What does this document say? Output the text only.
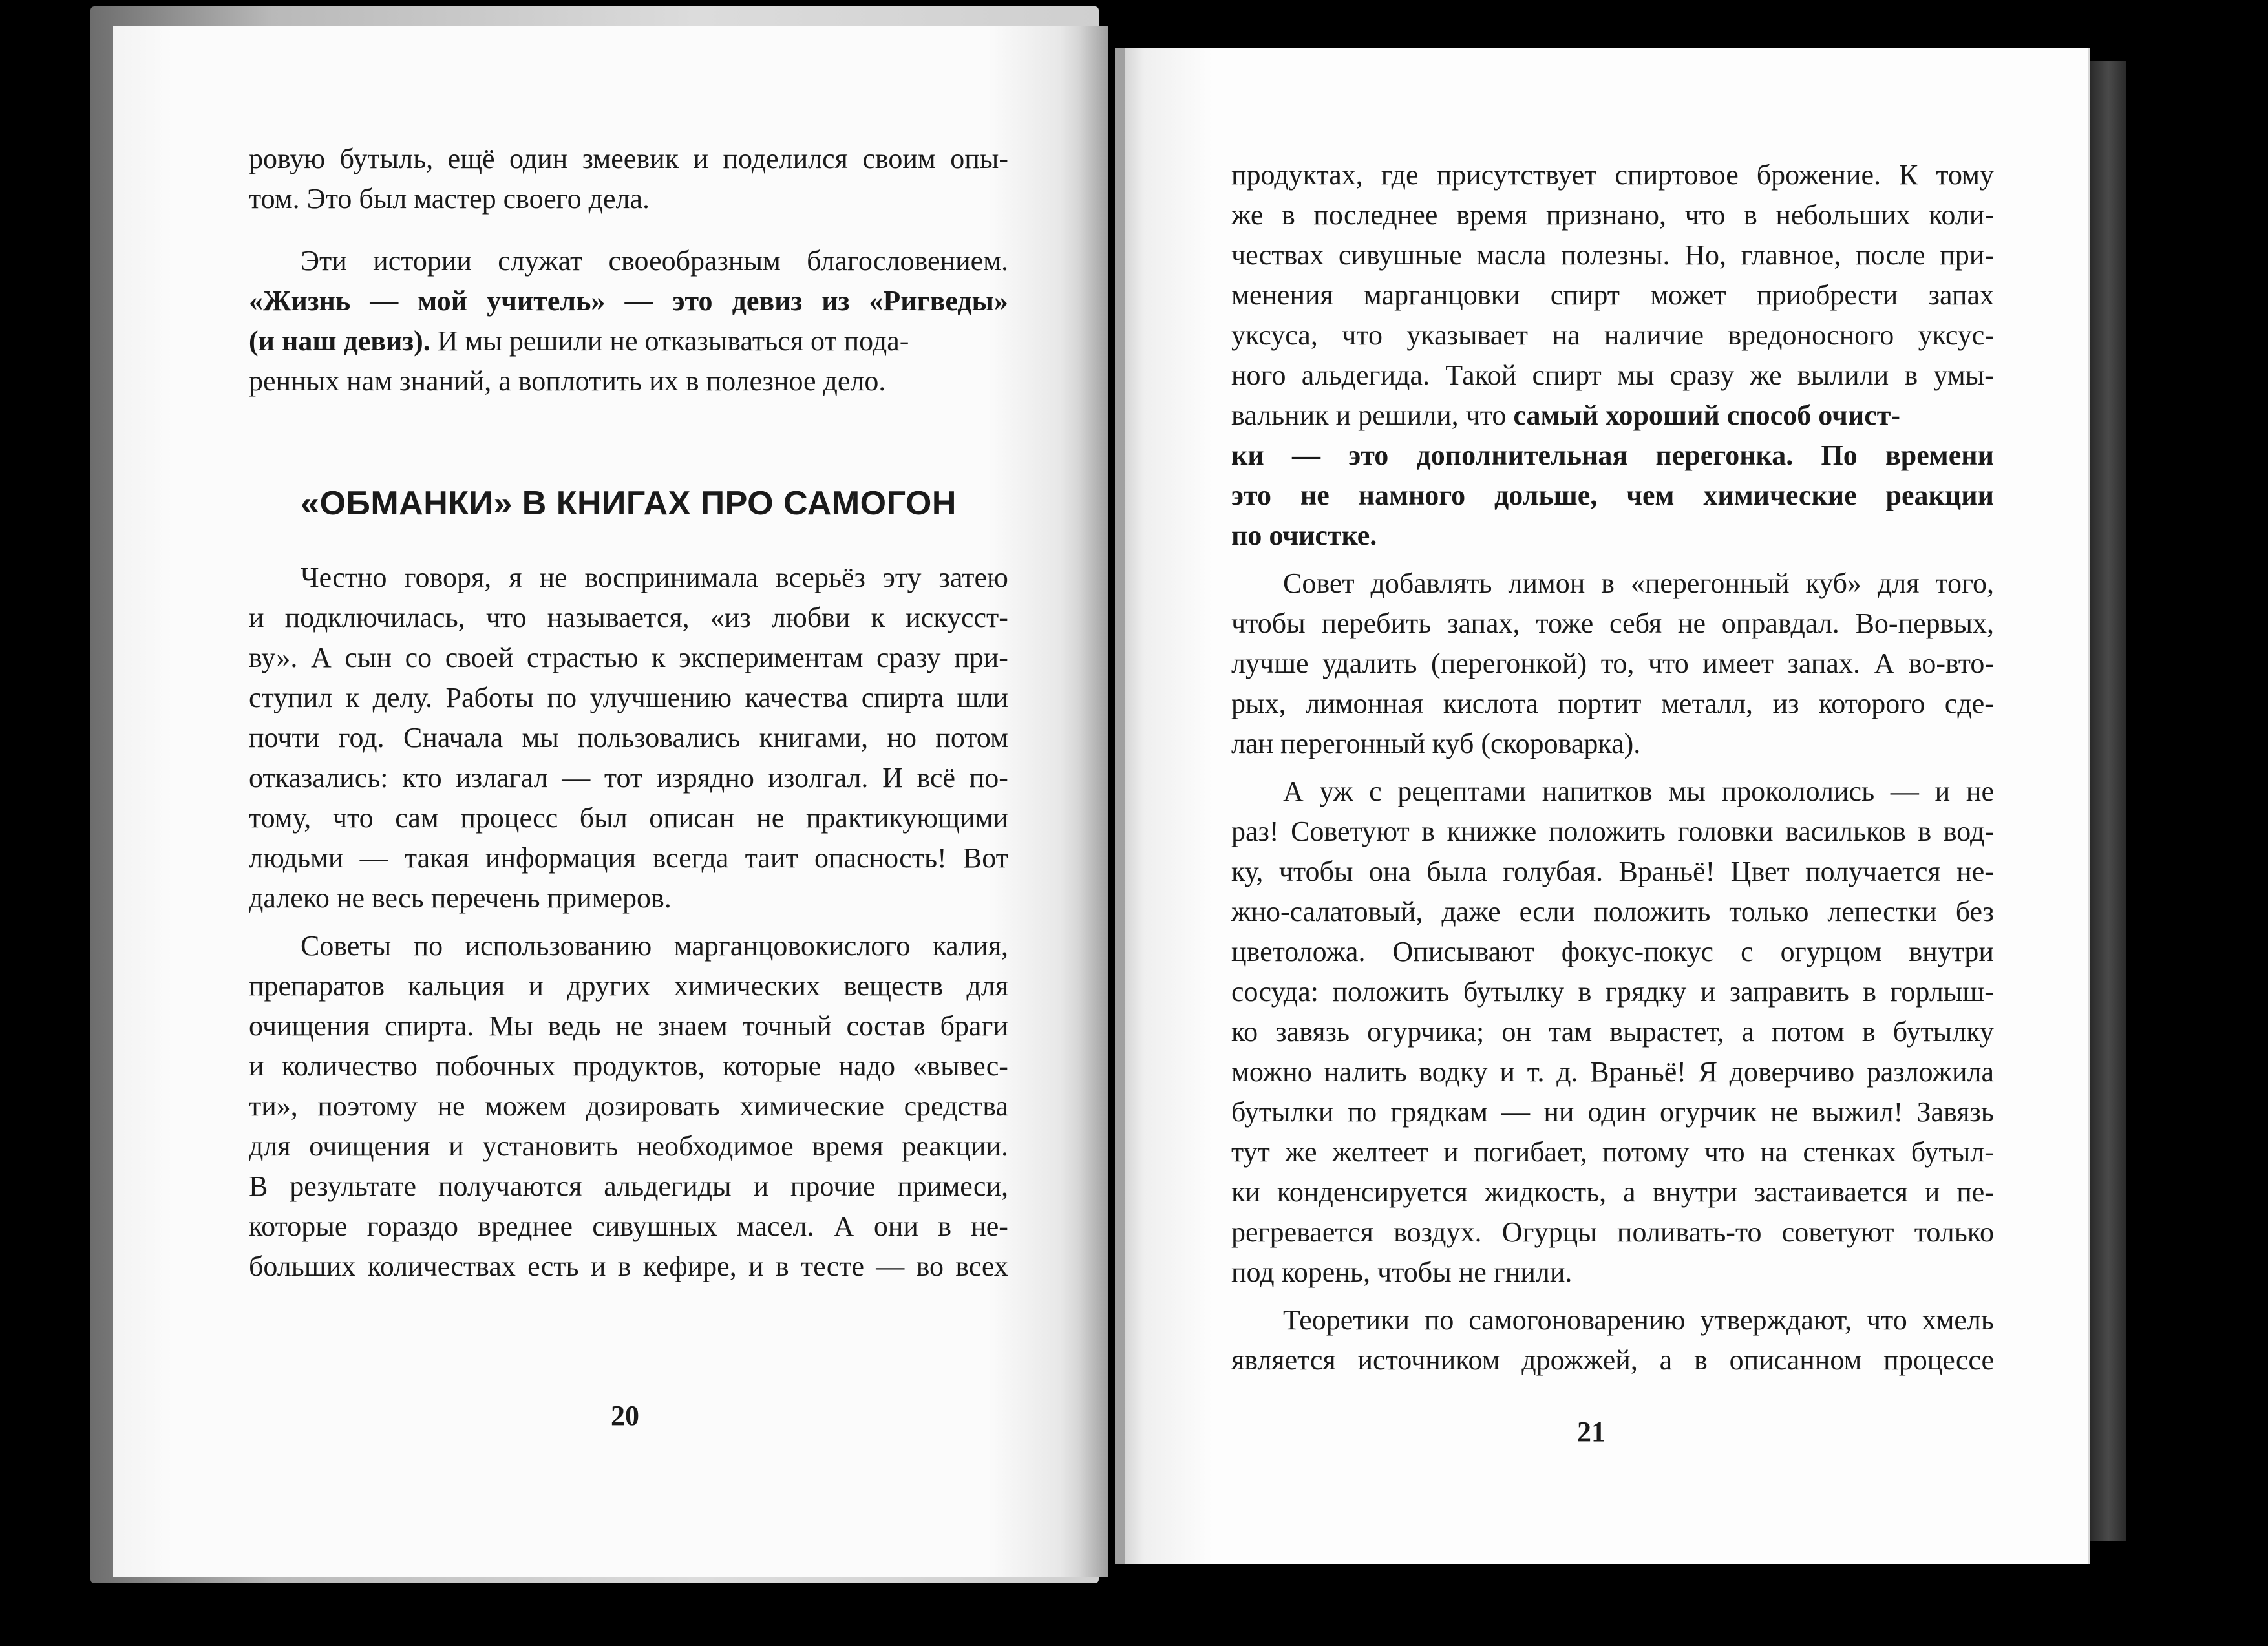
ровую бутыль, ещё один змеевик и поделился своим опы-
том. Это был мастер своего дела.
Эти истории служат своеобразным благословением.
«Жизнь — мой учитель» — это девиз из «Ригведы»
(и наш девиз). И мы решили не отказываться от пода-
ренных нам знаний, а воплотить их в полезное дело.
«ОБМАНКИ» В КНИГАХ ПРО САМОГОН
Честно говоря, я не воспринимала всерьёз эту затею
и подключилась, что называется, «из любви к искусст-
ву». А сын со своей страстью к экспериментам сразу при-
ступил к делу. Работы по улучшению качества спирта шли
почти год. Сначала мы пользовались книгами, но потом
отказались: кто излагал — тот изрядно изолгал. И всё по-
тому, что сам процесс был описан не практикующими
людьми — такая информация всегда таит опасность! Вот
далеко не весь перечень примеров.
Советы по использованию марганцовокислого калия,
препаратов кальция и других химических веществ для
очищения спирта. Мы ведь не знаем точный состав браги
и количество побочных продуктов, которые надо «вывес-
ти», поэтому не можем дозировать химические средства
для очищения и установить необходимое время реакции.
В результате получаются альдегиды и прочие примеси,
которые гораздо вреднее сивушных масел. А они в не-
больших количествах есть и в кефире, и в тесте — во всех
20
продуктах, где присутствует спиртовое брожение. К тому
же в последнее время признано, что в небольших коли-
чествах сивушные масла полезны. Но, главное, после при-
менения марганцовки спирт может приобрести запах
уксуса, что указывает на наличие вредоносного уксус-
ного альдегида. Такой спирт мы сразу же вылили в умы-
вальник и решили, что самый хороший способ очист-
ки — это дополнительная перегонка. По времени
это не намного дольше, чем химические реакции
по очистке.
Совет добавлять лимон в «перегонный куб» для того,
чтобы перебить запах, тоже себя не оправдал. Во-первых,
лучше удалить (перегонкой) то, что имеет запах. А во-вто-
рых, лимонная кислота портит металл, из которого сде-
лан перегонный куб (скороварка).
А уж с рецептами напитков мы прокололись — и не
раз! Советуют в книжке положить головки васильков в вод-
ку, чтобы она была голубая. Враньё! Цвет получается не-
жно-салатовый, даже если положить только лепестки без
цветоложа. Описывают фокус-покус с огурцом внутри
сосуда: положить бутылку в грядку и заправить в горлыш-
ко завязь огурчика; он там вырастет, а потом в бутылку
можно налить водку и т. д. Враньё! Я доверчиво разложила
бутылки по грядкам — ни один огурчик не выжил! Завязь
тут же желтеет и погибает, потому что на стенках бутыл-
ки конденсируется жидкость, а внутри застаивается и пе-
регревается воздух. Огурцы поливать-то советуют только
под корень, чтобы не гнили.
Теоретики по самогоноварению утверждают, что хмель
является источником дрожжей, а в описанном процессе
21
